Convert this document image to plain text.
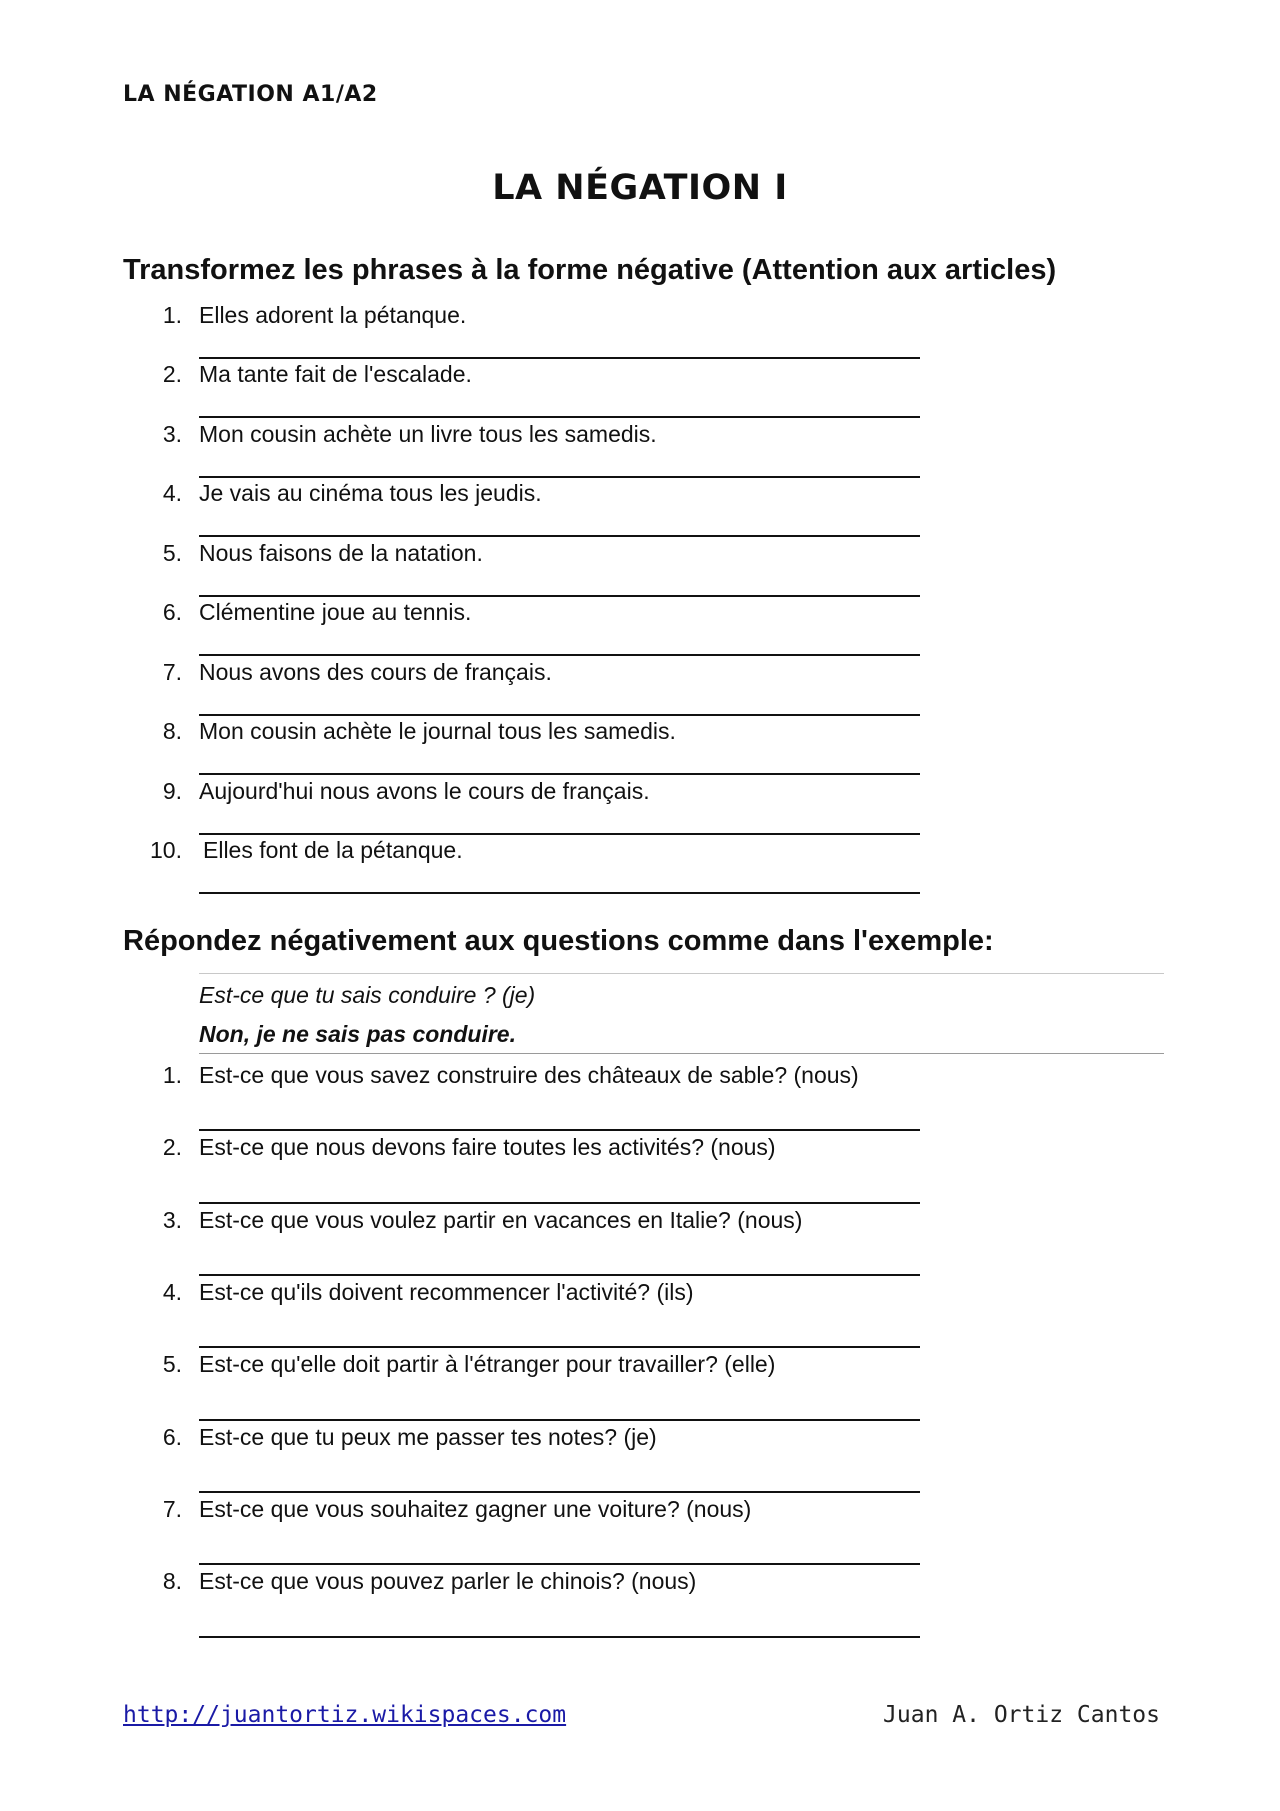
LA NÉGATION A1/A2
LA NÉGATION I
Transformez les phrases à la forme négative (Attention aux articles)
1. Elles adorent la pétanque.
2. Ma tante fait de l'escalade.
3. Mon cousin achète un livre tous les samedis.
4. Je vais au cinéma tous les jeudis.
5. Nous faisons de la natation.
6. Clémentine joue au tennis.
7. Nous avons des cours de français.
8. Mon cousin achète le journal tous les samedis.
9. Aujourd'hui nous avons le cours de français.
10. Elles font de la pétanque.
Répondez négativement aux questions comme dans l'exemple:
Est-ce que tu sais conduire ? (je)
Non, je ne sais pas conduire.
1. Est-ce que vous savez construire des châteaux de sable? (nous)
2. Est-ce que nous devons faire toutes les activités? (nous)
3. Est-ce que vous voulez partir en vacances en Italie? (nous)
4. Est-ce qu'ils doivent recommencer l'activité? (ils)
5. Est-ce qu'elle doit partir à l'étranger pour travailler? (elle)
6. Est-ce que tu peux me passer tes notes? (je)
7. Est-ce que vous souhaitez gagner une voiture? (nous)
8. Est-ce que vous pouvez parler le chinois? (nous)
http://juantortiz.wikispaces.com	Juan A. Ortiz Cantos
